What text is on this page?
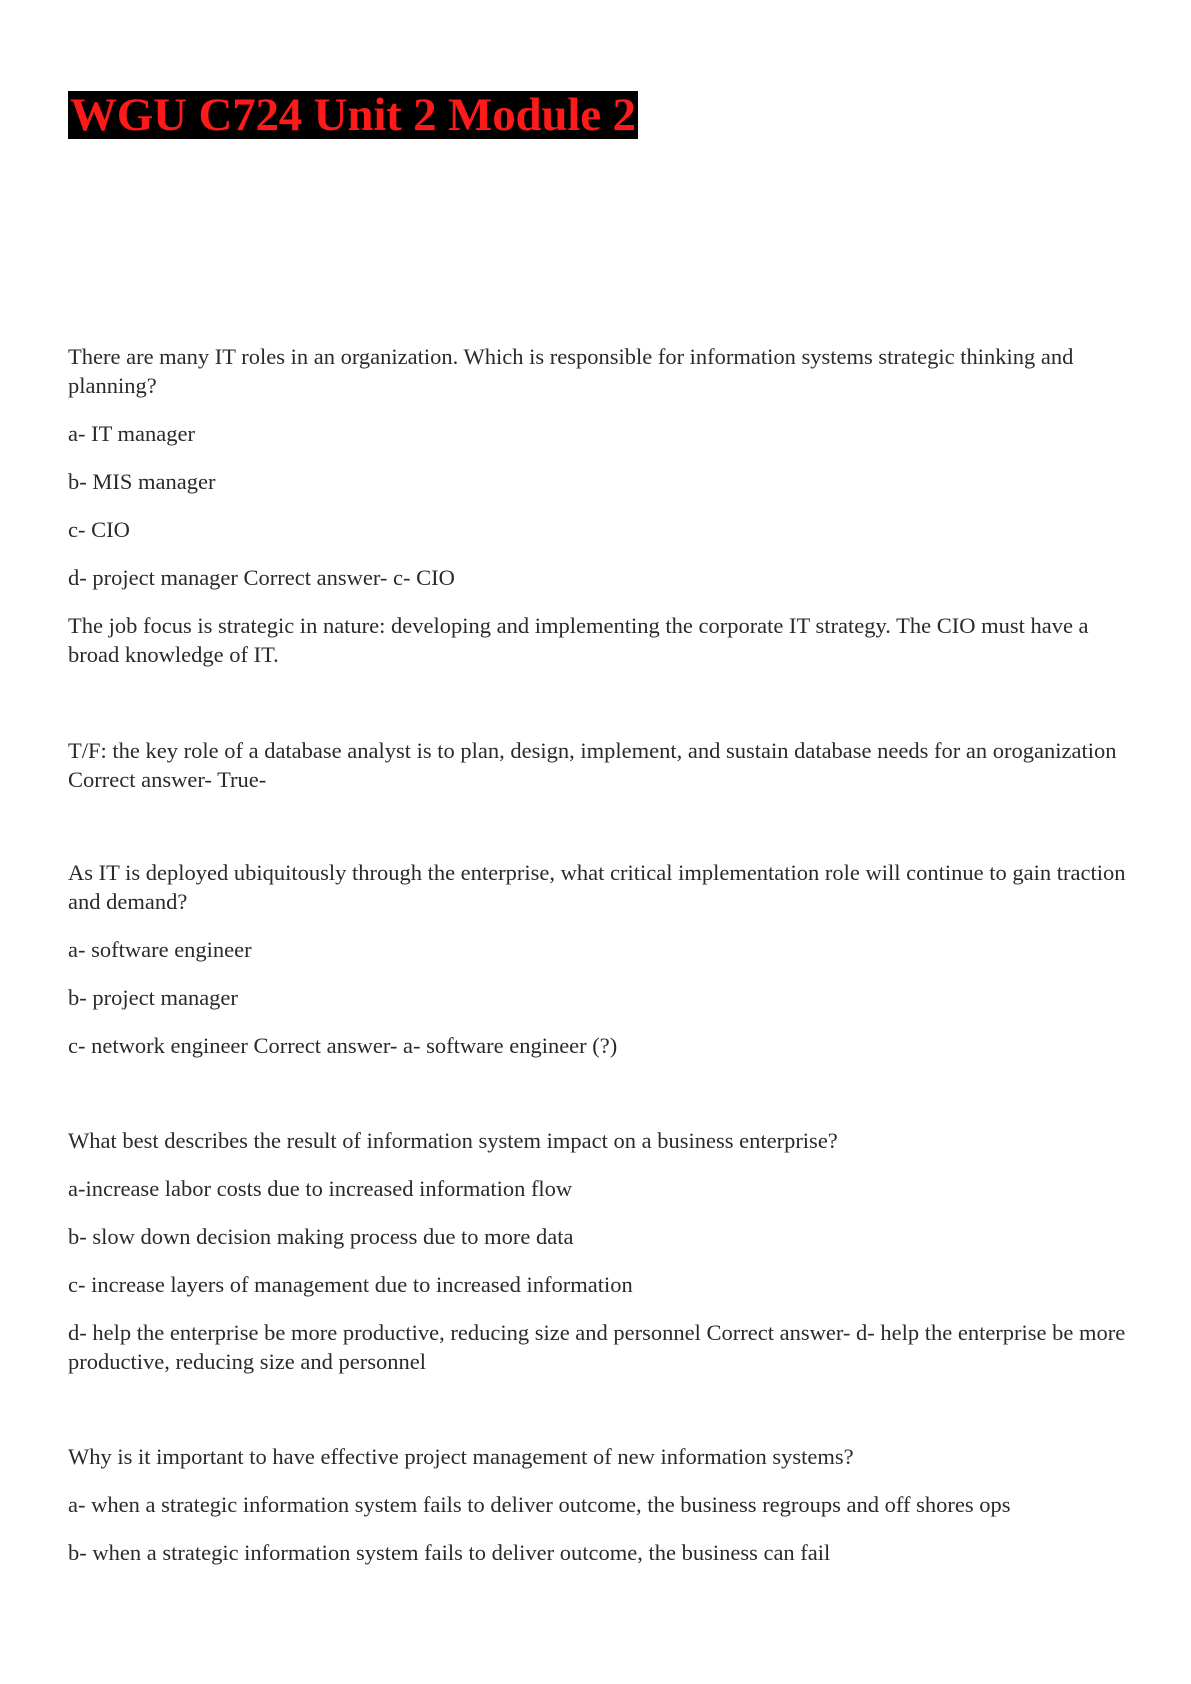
WGU C724 Unit 2 Module 2

There are many IT roles in an organization. Which is responsible for information systems strategic thinking and planning?

a- IT manager

b- MIS manager

c- CIO

d- project manager Correct answer- c- CIO

The job focus is strategic in nature: developing and implementing the corporate IT strategy. The CIO must have a broad knowledge of IT.

T/F: the key role of a database analyst is to plan, design, implement, and sustain database needs for an oroganization Correct answer- True-

As IT is deployed ubiquitously through the enterprise, what critical implementation role will continue to gain traction and demand?

a- software engineer

b- project manager

c- network engineer Correct answer- a- software engineer (?)

What best describes the result of information system impact on a business enterprise?

a-increase labor costs due to increased information flow

b- slow down decision making process due to more data

c- increase layers of management due to increased information

d- help the enterprise be more productive, reducing size and personnel Correct answer- d- help the enterprise be more productive, reducing size and personnel

Why is it important to have effective project management of new information systems?

a- when a strategic information system fails to deliver outcome, the business regroups and off shores ops

b- when a strategic information system fails to deliver outcome, the business can fail
